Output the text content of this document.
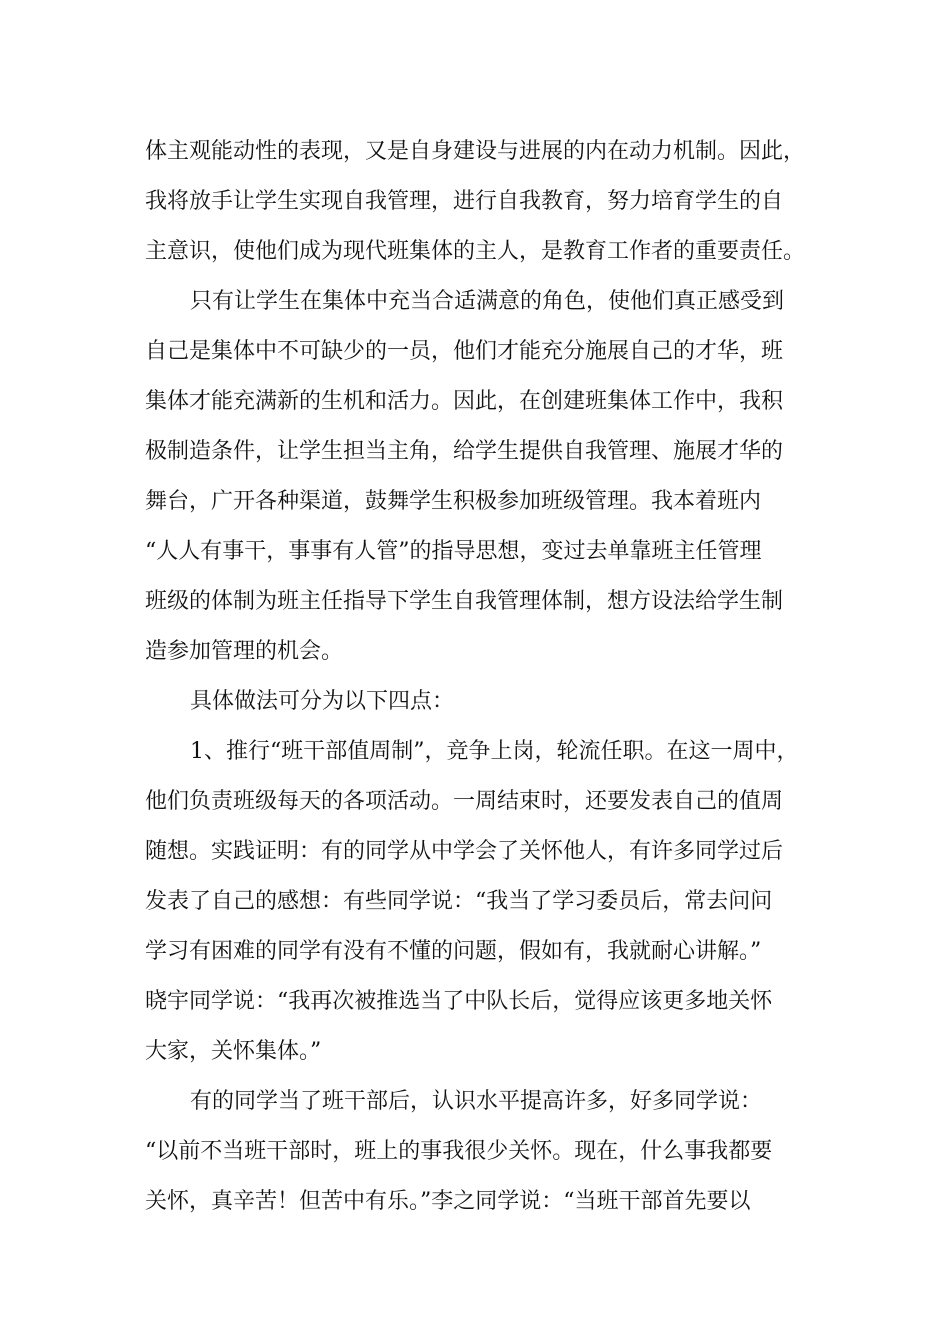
体主观能动性的表现，又是自身建设与进展的内在动力机制。因此，
我将放手让学生实现自我管理，进行自我教育，努力培育学生的自
主意识，使他们成为现代班集体的主人，是教育工作者的重要责任。
只有让学生在集体中充当合适满意的角色，使他们真正感受到
自己是集体中不可缺少的一员，他们才能充分施展自己的才华，班
集体才能充满新的生机和活力。因此，在创建班集体工作中，我积
极制造条件，让学生担当主角，给学生提供自我管理、施展才华的
舞台，广开各种渠道，鼓舞学生积极参加班级管理。我本着班内
“人人有事干，事事有人管”的指导思想，变过去单靠班主任管理
班级的体制为班主任指导下学生自我管理体制，想方设法给学生制
造参加管理的机会。
具体做法可分为以下四点：
1、推行“班干部值周制”，竞争上岗，轮流任职。在这一周中，
他们负责班级每天的各项活动。一周结束时，还要发表自己的值周
随想。实践证明：有的同学从中学会了关怀他人，有许多同学过后
发表了自己的感想：有些同学说：“我当了学习委员后，常去问问
学习有困难的同学有没有不懂的问题，假如有，我就耐心讲解。”
晓宇同学说：“我再次被推选当了中队长后，觉得应该更多地关怀
大家，关怀集体。”
有的同学当了班干部后，认识水平提高许多，好多同学说：
“以前不当班干部时，班上的事我很少关怀。现在，什么事我都要
关怀，真辛苦！但苦中有乐。”李之同学说：“当班干部首先要以
